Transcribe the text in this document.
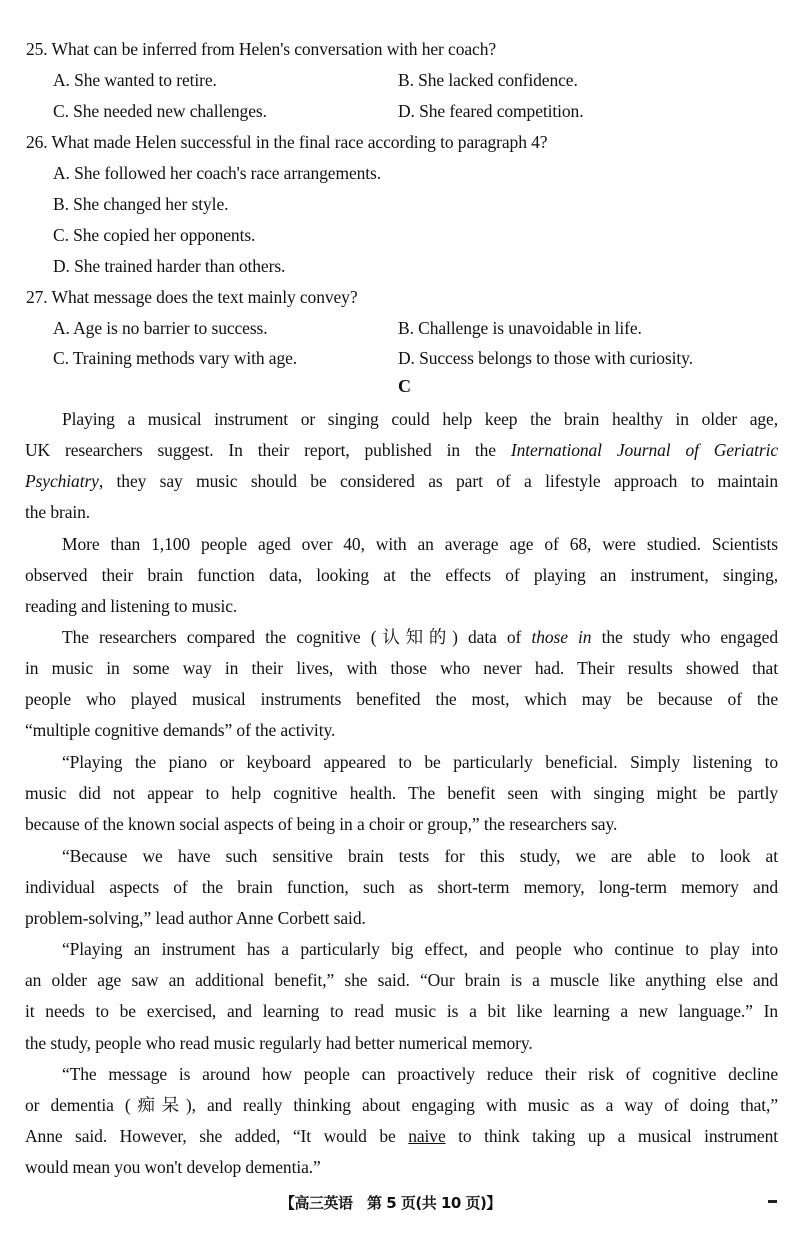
25. What can be inferred from Helen's conversation with her coach?
A. She wanted to retire.	B. She lacked confidence.
C. She needed new challenges.	D. She feared competition.
26. What made Helen successful in the final race according to paragraph 4?
A. She followed her coach's race arrangements.
B. She changed her style.
C. She copied her opponents.
D. She trained harder than others.
27. What message does the text mainly convey?
A. Age is no barrier to success.	B. Challenge is unavoidable in life.
C. Training methods vary with age.	D. Success belongs to those with curiosity.
C
Playing a musical instrument or singing could help keep the brain healthy in older age,
UK researchers suggest. In their report, published in the International Journal of Geriatric
Psychiatry, they say music should be considered as part of a lifestyle approach to maintain
the brain.
More than 1,100 people aged over 40, with an average age of 68, were studied. Scientists
observed their brain function data, looking at the effects of playing an instrument, singing,
reading and listening to music.
The researchers compared the cognitive (认知的) data of those in the study who engaged
in music in some way in their lives, with those who never had. Their results showed that
people who played musical instruments benefited the most, which may be because of the
“multiple cognitive demands” of the activity.
“Playing the piano or keyboard appeared to be particularly beneficial. Simply listening to
music did not appear to help cognitive health. The benefit seen with singing might be partly
because of the known social aspects of being in a choir or group,” the researchers say.
“Because we have such sensitive brain tests for this study, we are able to look at
individual aspects of the brain function, such as short-term memory, long-term memory and
problem-solving,” lead author Anne Corbett said.
“Playing an instrument has a particularly big effect, and people who continue to play into
an older age saw an additional benefit,” she said. “Our brain is a muscle like anything else and
it needs to be exercised, and learning to read music is a bit like learning a new language.” In
the study, people who read music regularly had better numerical memory.
“The message is around how people can proactively reduce their risk of cognitive decline
or dementia (痴呆), and really thinking about engaging with music as a way of doing that,”
Anne said. However, she added, “It would be naive to think taking up a musical instrument
would mean you won't develop dementia.”
【高三英语　第 5 页(共 10 页)】
